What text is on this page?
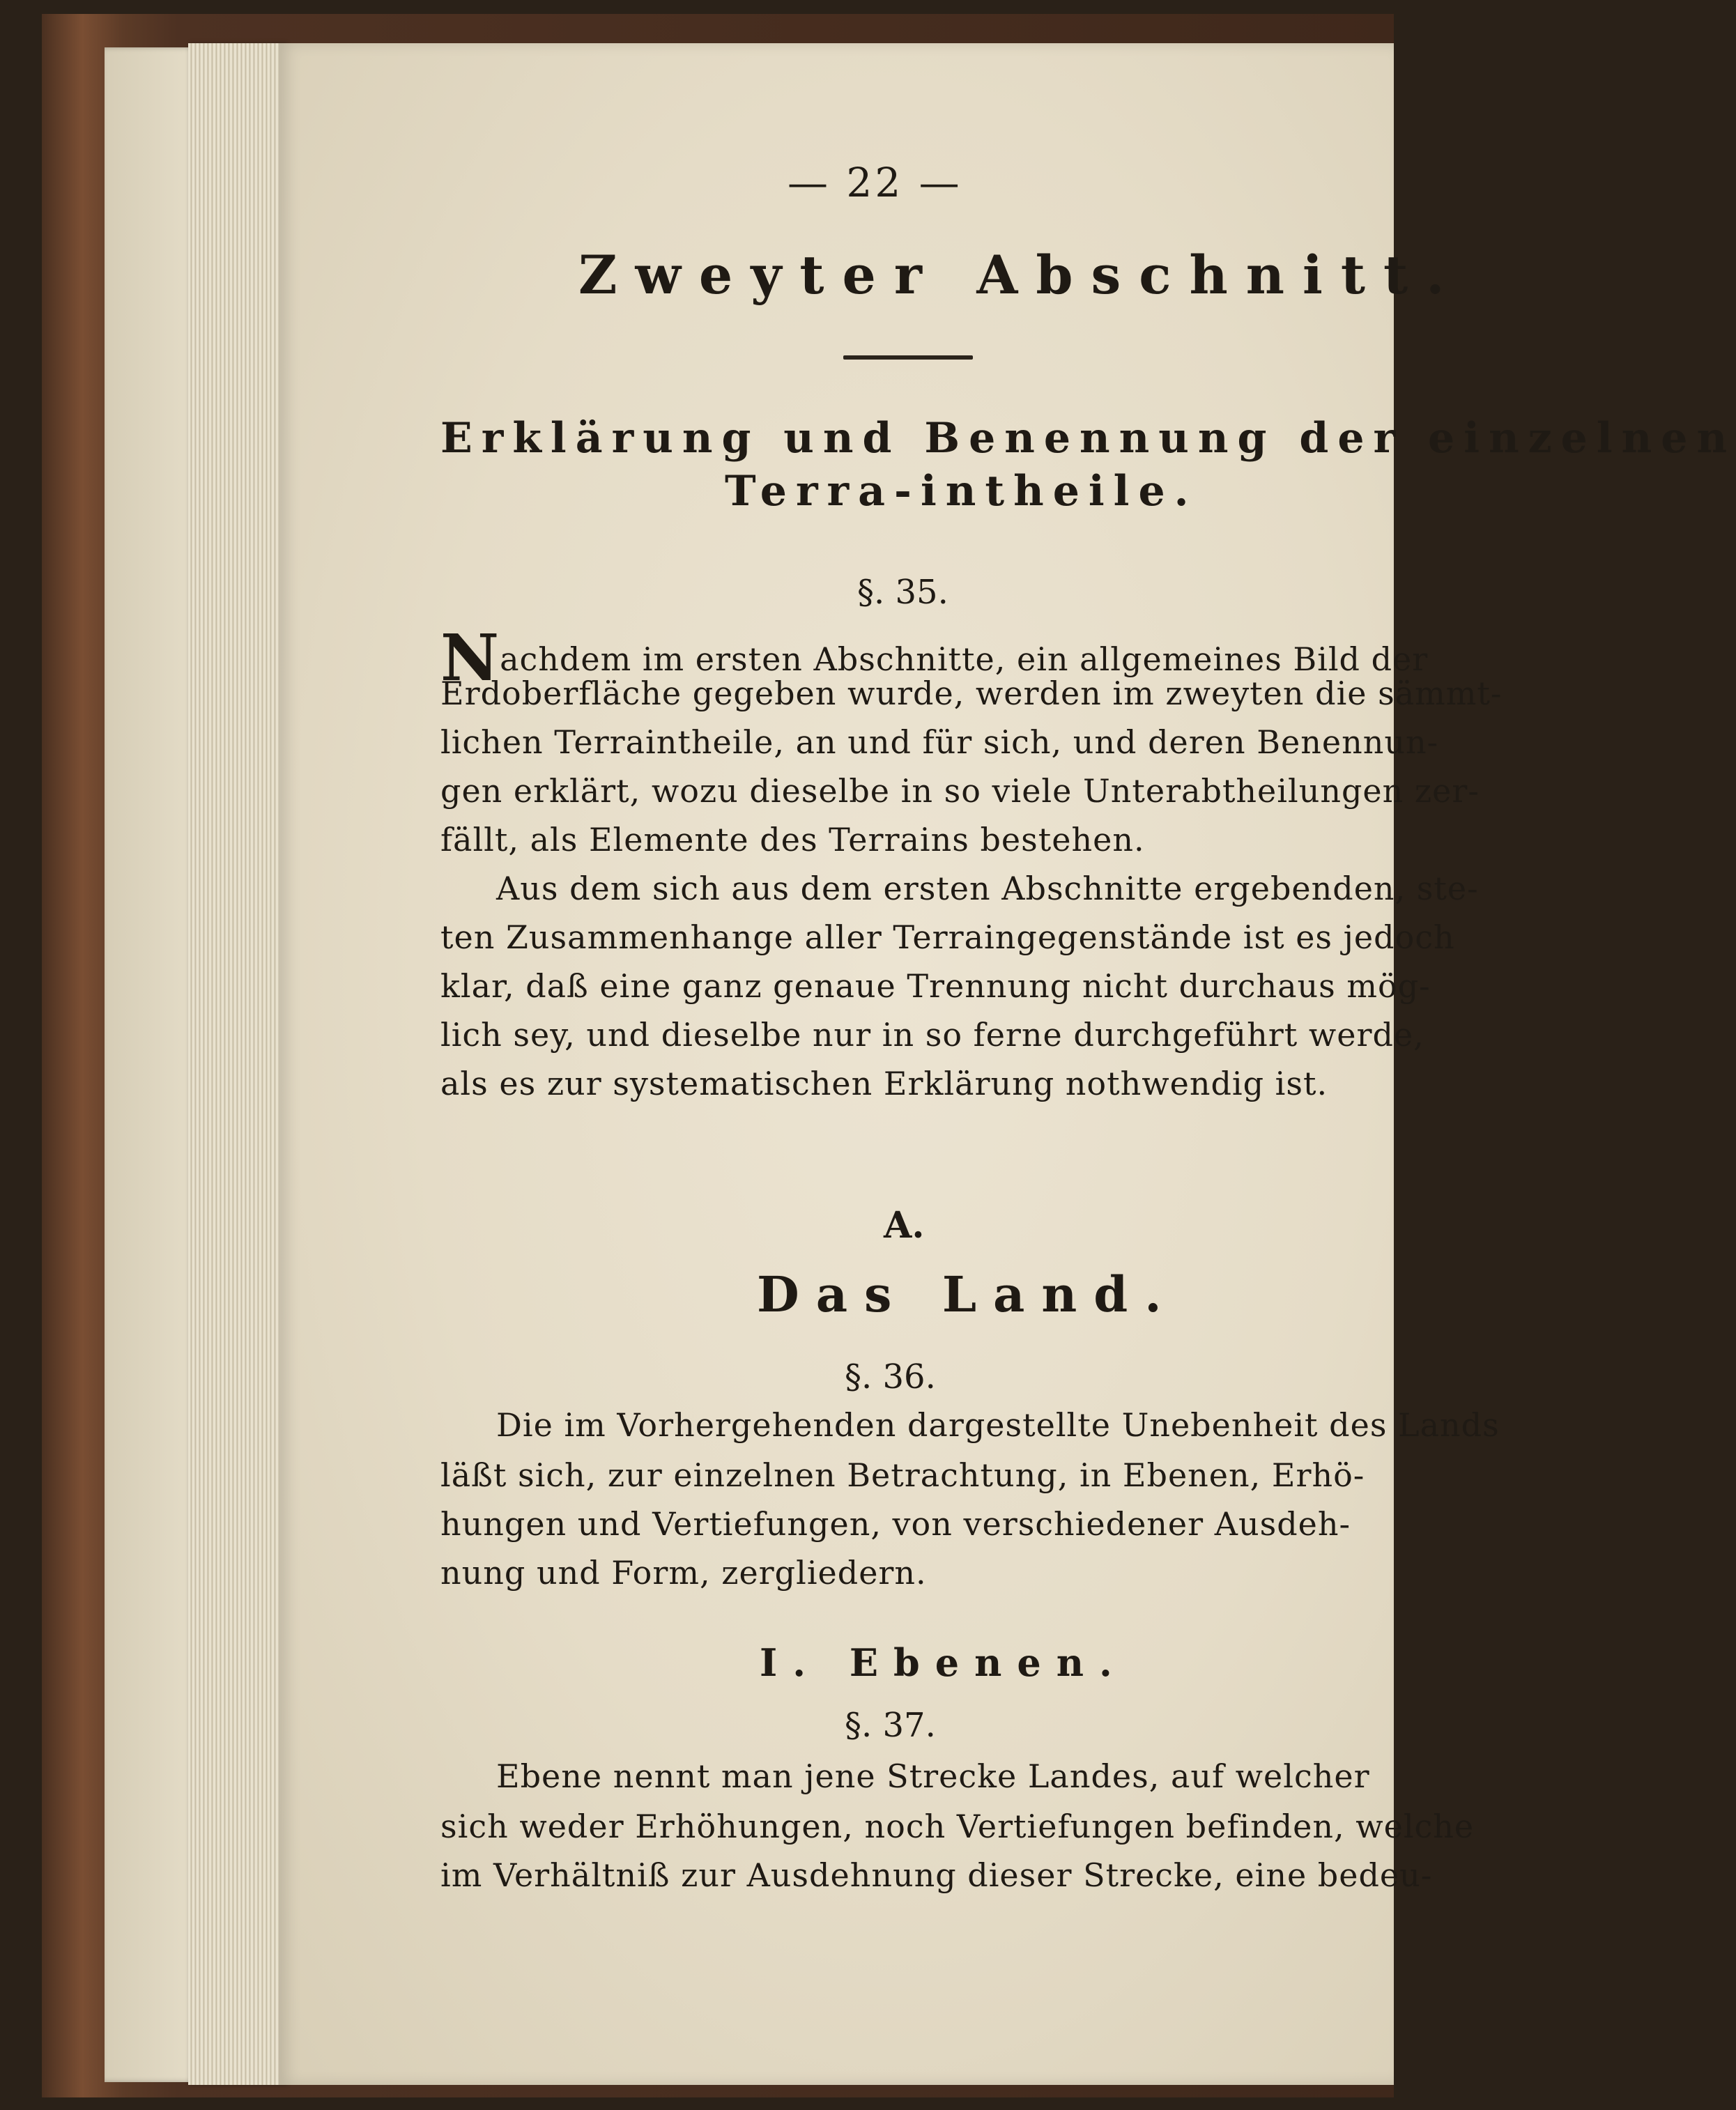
— 22 —
Zweyter Abschnitt.
Erklärung und Benennung der einzelnen
Terra-intheile.
§. 35.
Nachdem im ersten Abschnitte, ein allgemeines Bild der
Erdoberfläche gegeben wurde, werden im zweyten die sämmt-
lichen Terraintheile, an und für sich, und deren Benennun-
gen erklärt, wozu dieselbe in so viele Unterabtheilungen zer-
fällt, als Elemente des Terrains bestehen.
Aus dem sich aus dem ersten Abschnitte ergebenden, ste-
ten Zusammenhange aller Terraingegenstände ist es jedoch
klar, daß eine ganz genaue Trennung nicht durchaus mög-
lich sey, und dieselbe nur in so ferne durchgeführt werde,
als es zur systematischen Erklärung nothwendig ist.
A.
Das Land.
§. 36.
Die im Vorhergehenden dargestellte Unebenheit des Lands
läßt sich, zur einzelnen Betrachtung, in Ebenen, Erhö-
hungen und Vertiefungen, von verschiedener Ausdeh-
nung und Form, zergliedern.
I. Ebenen.
§. 37.
Ebene nennt man jene Strecke Landes, auf welcher
sich weder Erhöhungen, noch Vertiefungen befinden, welche
im Verhältniß zur Ausdehnung dieser Strecke, eine bedeu-
